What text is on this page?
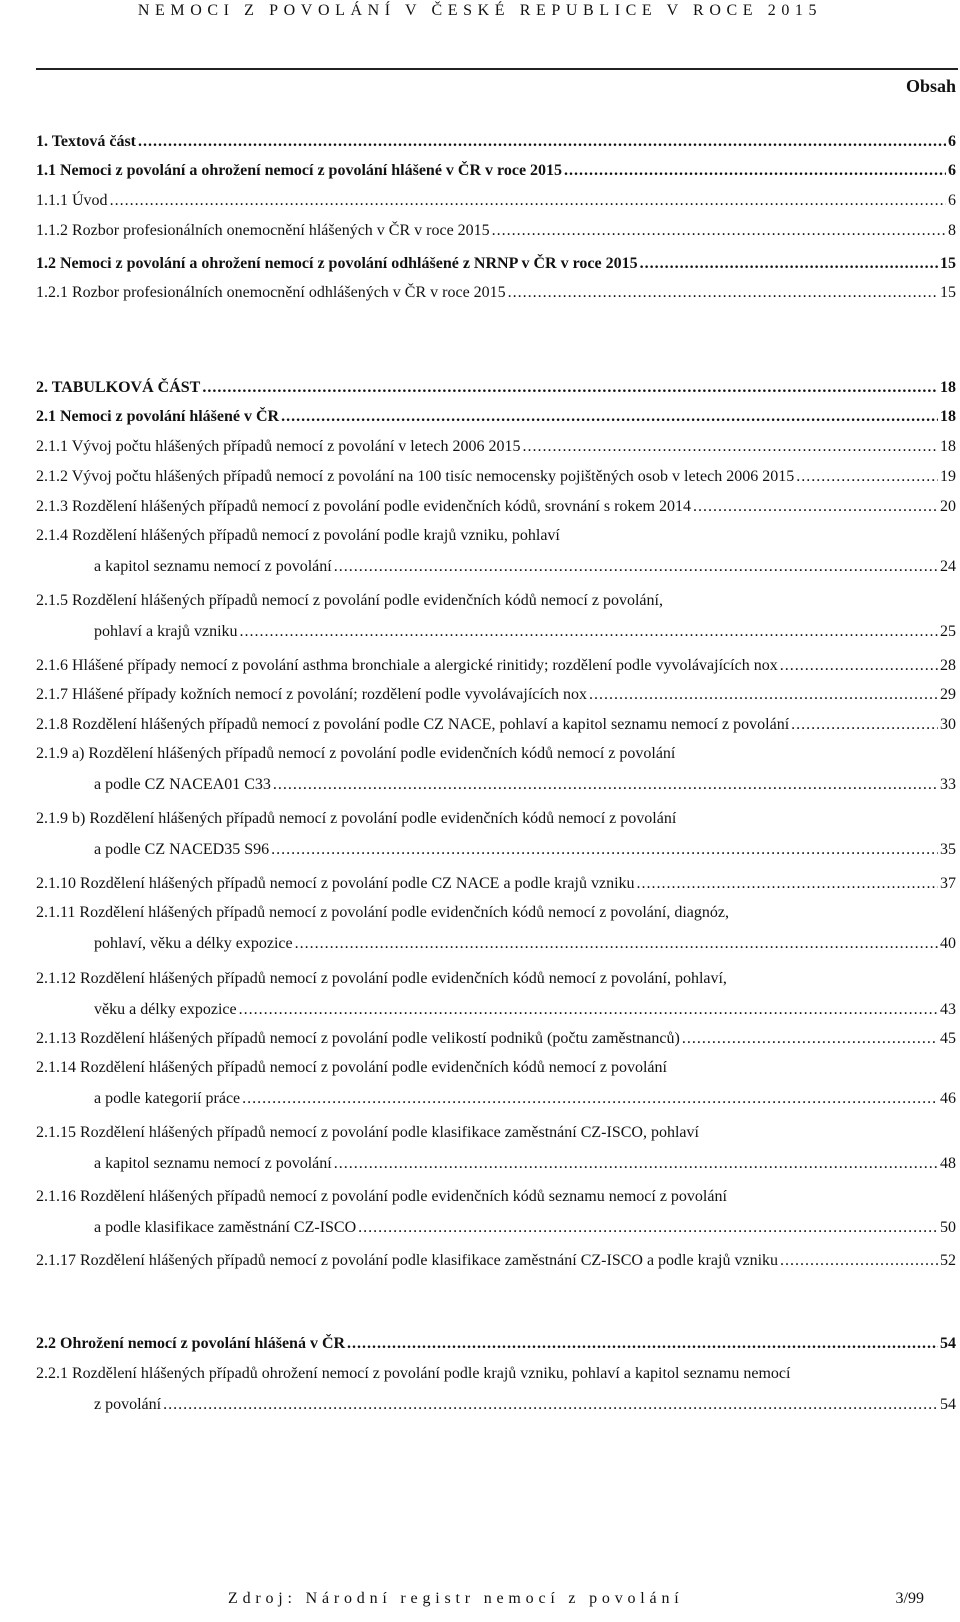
NEMOCI Z POVOLÁNÍ V ČESKÉ REPUBLICE V ROCE 2015
Obsah
1. Textová část .....	6
1.1 Nemoci z povolání a ohrožení nemocí z povolání hlášené v ČR v roce 2015 .....	6
1.1.1 Úvod .....	6
1.1.2 Rozbor profesionálních onemocnění hlášených v ČR v roce 2015 .....	8
1.2 Nemoci z povolání a ohrožení nemocí z povolání odhlášené z NRNP v ČR v roce 2015 .....	15
1.2.1 Rozbor profesionálních onemocnění odhlášených v ČR v roce 2015 .....	15
2. TABULKOVÁ ČÁST .....	18
2.1 Nemoci z povolání hlášené v ČR .....	18
2.1.1 Vývoj počtu hlášených případů nemocí z povolání v letech 2006 2015 .....	18
2.1.2 Vývoj počtu hlášených případů nemocí z povolání na 100 tisíc nemocensky pojištěných osob v letech 2006 2015 .....	19
2.1.3 Rozdělení hlášených případů nemocí z povolání podle evidenčních kódů, srovnání s rokem 2014 .....	20
2.1.4 Rozdělení hlášených případů nemocí z povolání podle krajů vzniku, pohlaví
a kapitol seznamu nemocí z povolání .....	24
2.1.5 Rozdělení hlášených případů nemocí z povolání podle evidenčních kódů nemocí z povolání,
pohlaví a krajů vzniku .....	25
2.1.6 Hlášené případy nemocí z povolání asthma bronchiale a alergické rinitidy; rozdělení podle vyvolávajících nox .....	28
2.1.7 Hlášené případy kožních nemocí z povolání; rozdělení podle vyvolávajících nox .....	29
2.1.8 Rozdělení hlášených případů nemocí z povolání podle CZ NACE, pohlaví a kapitol seznamu nemocí z povolání .....	30
2.1.9 a) Rozdělení hlášených případů nemocí z povolání podle evidenčních kódů nemocí z povolání
a podle CZ NACEA01 C33 .....	33
2.1.9 b) Rozdělení hlášených případů nemocí z povolání podle evidenčních kódů nemocí z povolání
a podle CZ NACED35 S96 .....	35
2.1.10 Rozdělení hlášených případů nemocí z povolání podle CZ NACE a podle krajů vzniku .....	37
2.1.11 Rozdělení hlášených případů nemocí z povolání podle evidenčních kódů nemocí z povolání, diagnóz,
pohlaví, věku a délky expozice .....	40
2.1.12 Rozdělení hlášených případů nemocí z povolání podle evidenčních kódů nemocí z povolání, pohlaví,
věku a délky expozice .....	43
2.1.13 Rozdělení hlášených případů nemocí z povolání podle velikostí podniků (počtu zaměstnanců) .....	45
2.1.14 Rozdělení hlášených případů nemocí z povolání podle evidenčních kódů nemocí z povolání
a podle kategorií práce .....	46
2.1.15 Rozdělení hlášených případů nemocí z povolání podle klasifikace zaměstnání CZ-ISCO, pohlaví
a kapitol seznamu nemocí z povolání .....	48
2.1.16 Rozdělení hlášených případů nemocí z povolání podle evidenčních kódů seznamu nemocí z povolání
a podle klasifikace zaměstnání CZ-ISCO .....	50
2.1.17 Rozdělení hlášených případů nemocí z povolání podle klasifikace zaměstnání CZ-ISCO a podle krajů vzniku .....	52
2.2 Ohrožení nemocí z povolání hlášená v ČR .....	54
2.2.1 Rozdělení hlášených případů ohrožení nemocí z povolání podle krajů vzniku, pohlaví a kapitol seznamu nemocí
z povolání .....	54
Zdroj: Národní registr nemocí z povolání	3/99
